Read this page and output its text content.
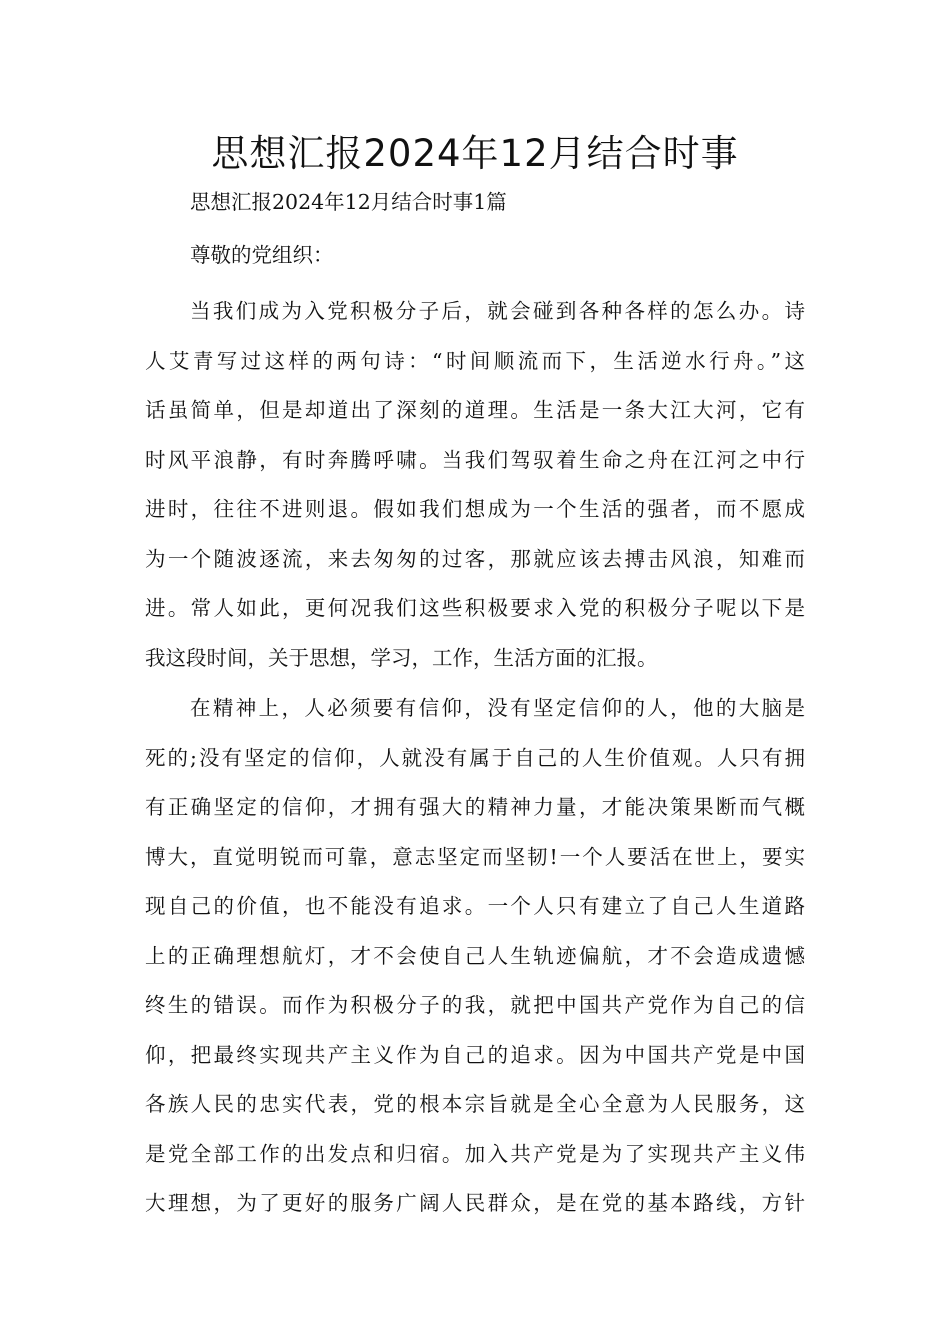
思想汇报2024年12月结合时事

思想汇报2024年12月结合时事1篇

尊敬的党组织：

当我们成为入党积极分子后，就会碰到各种各样的怎么办。诗
人艾青写过这样的两句诗：“时间顺流而下，生活逆水行舟。”这
话虽简单，但是却道出了深刻的道理。生活是一条大江大河，它有
时风平浪静，有时奔腾呼啸。当我们驾驭着生命之舟在江河之中行
进时，往往不进则退。假如我们想成为一个生活的强者，而不愿成
为一个随波逐流，来去匆匆的过客，那就应该去搏击风浪，知难而
进。常人如此，更何况我们这些积极要求入党的积极分子呢以下是
我这段时间，关于思想，学习，工作，生活方面的汇报。
在精神上，人必须要有信仰，没有坚定信仰的人，他的大脑是
死的;没有坚定的信仰，人就没有属于自己的人生价值观。人只有拥
有正确坚定的信仰，才拥有强大的精神力量，才能决策果断而气概
博大，直觉明锐而可靠，意志坚定而坚韧!一个人要活在世上，要实
现自己的价值，也不能没有追求。一个人只有建立了自己人生道路
上的正确理想航灯，才不会使自己人生轨迹偏航，才不会造成遗憾
终生的错误。而作为积极分子的我，就把中国共产党作为自己的信
仰，把最终实现共产主义作为自己的追求。因为中国共产党是中国
各族人民的忠实代表，党的根本宗旨就是全心全意为人民服务，这
是党全部工作的出发点和归宿。加入共产党是为了实现共产主义伟
大理想，为了更好的服务广阔人民群众，是在党的基本路线，方针
